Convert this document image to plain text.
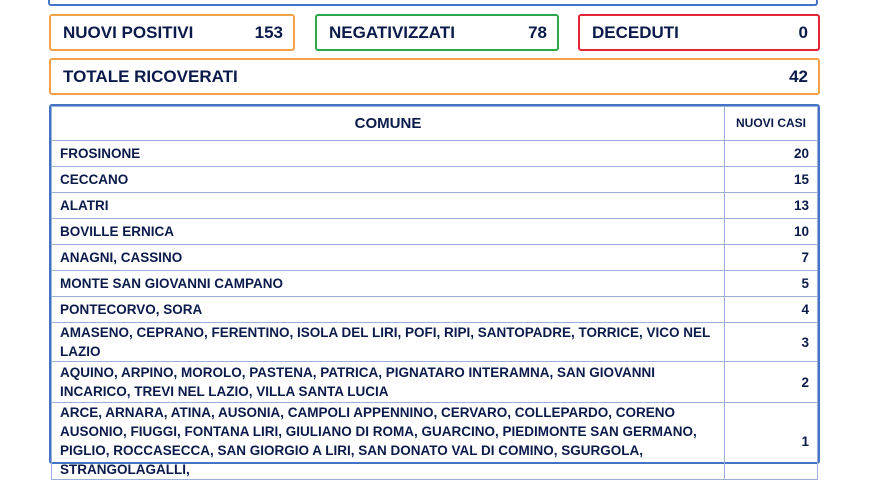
NUOVI POSITIVI	153	NEGATIVIZZATI	78	DECEDUTI	0
TOTALE RICOVERATI	42
COMUNE	NUOVI CASI
FROSINONE	20
CECCANO	15
ALATRI	13
BOVILLE ERNICA	10
ANAGNI, CASSINO	7
MONTE SAN GIOVANNI CAMPANO	5
PONTECORVO, SORA	4
AMASENO, CEPRANO, FERENTINO, ISOLA DEL LIRI, POFI, RIPI, SANTOPADRE, TORRICE, VICO NEL LAZIO	3
AQUINO, ARPINO, MOROLO, PASTENA, PATRICA, PIGNATARO INTERAMNA, SAN GIOVANNI INCARICO, TREVI NEL LAZIO, VILLA SANTA LUCIA	2
ARCE, ARNARA, ATINA, AUSONIA, CAMPOLI APPENNINO, CERVARO, COLLEPARDO, CORENO AUSONIO, FIUGGI, FONTANA LIRI, GIULIANO DI ROMA, GUARCINO, PIEDIMONTE SAN GERMANO, PIGLIO, ROCCASECCA, SAN GIORGIO A LIRI, SAN DONATO VAL DI COMINO, SGURGOLA, STRANGOLAGALLI,	1
